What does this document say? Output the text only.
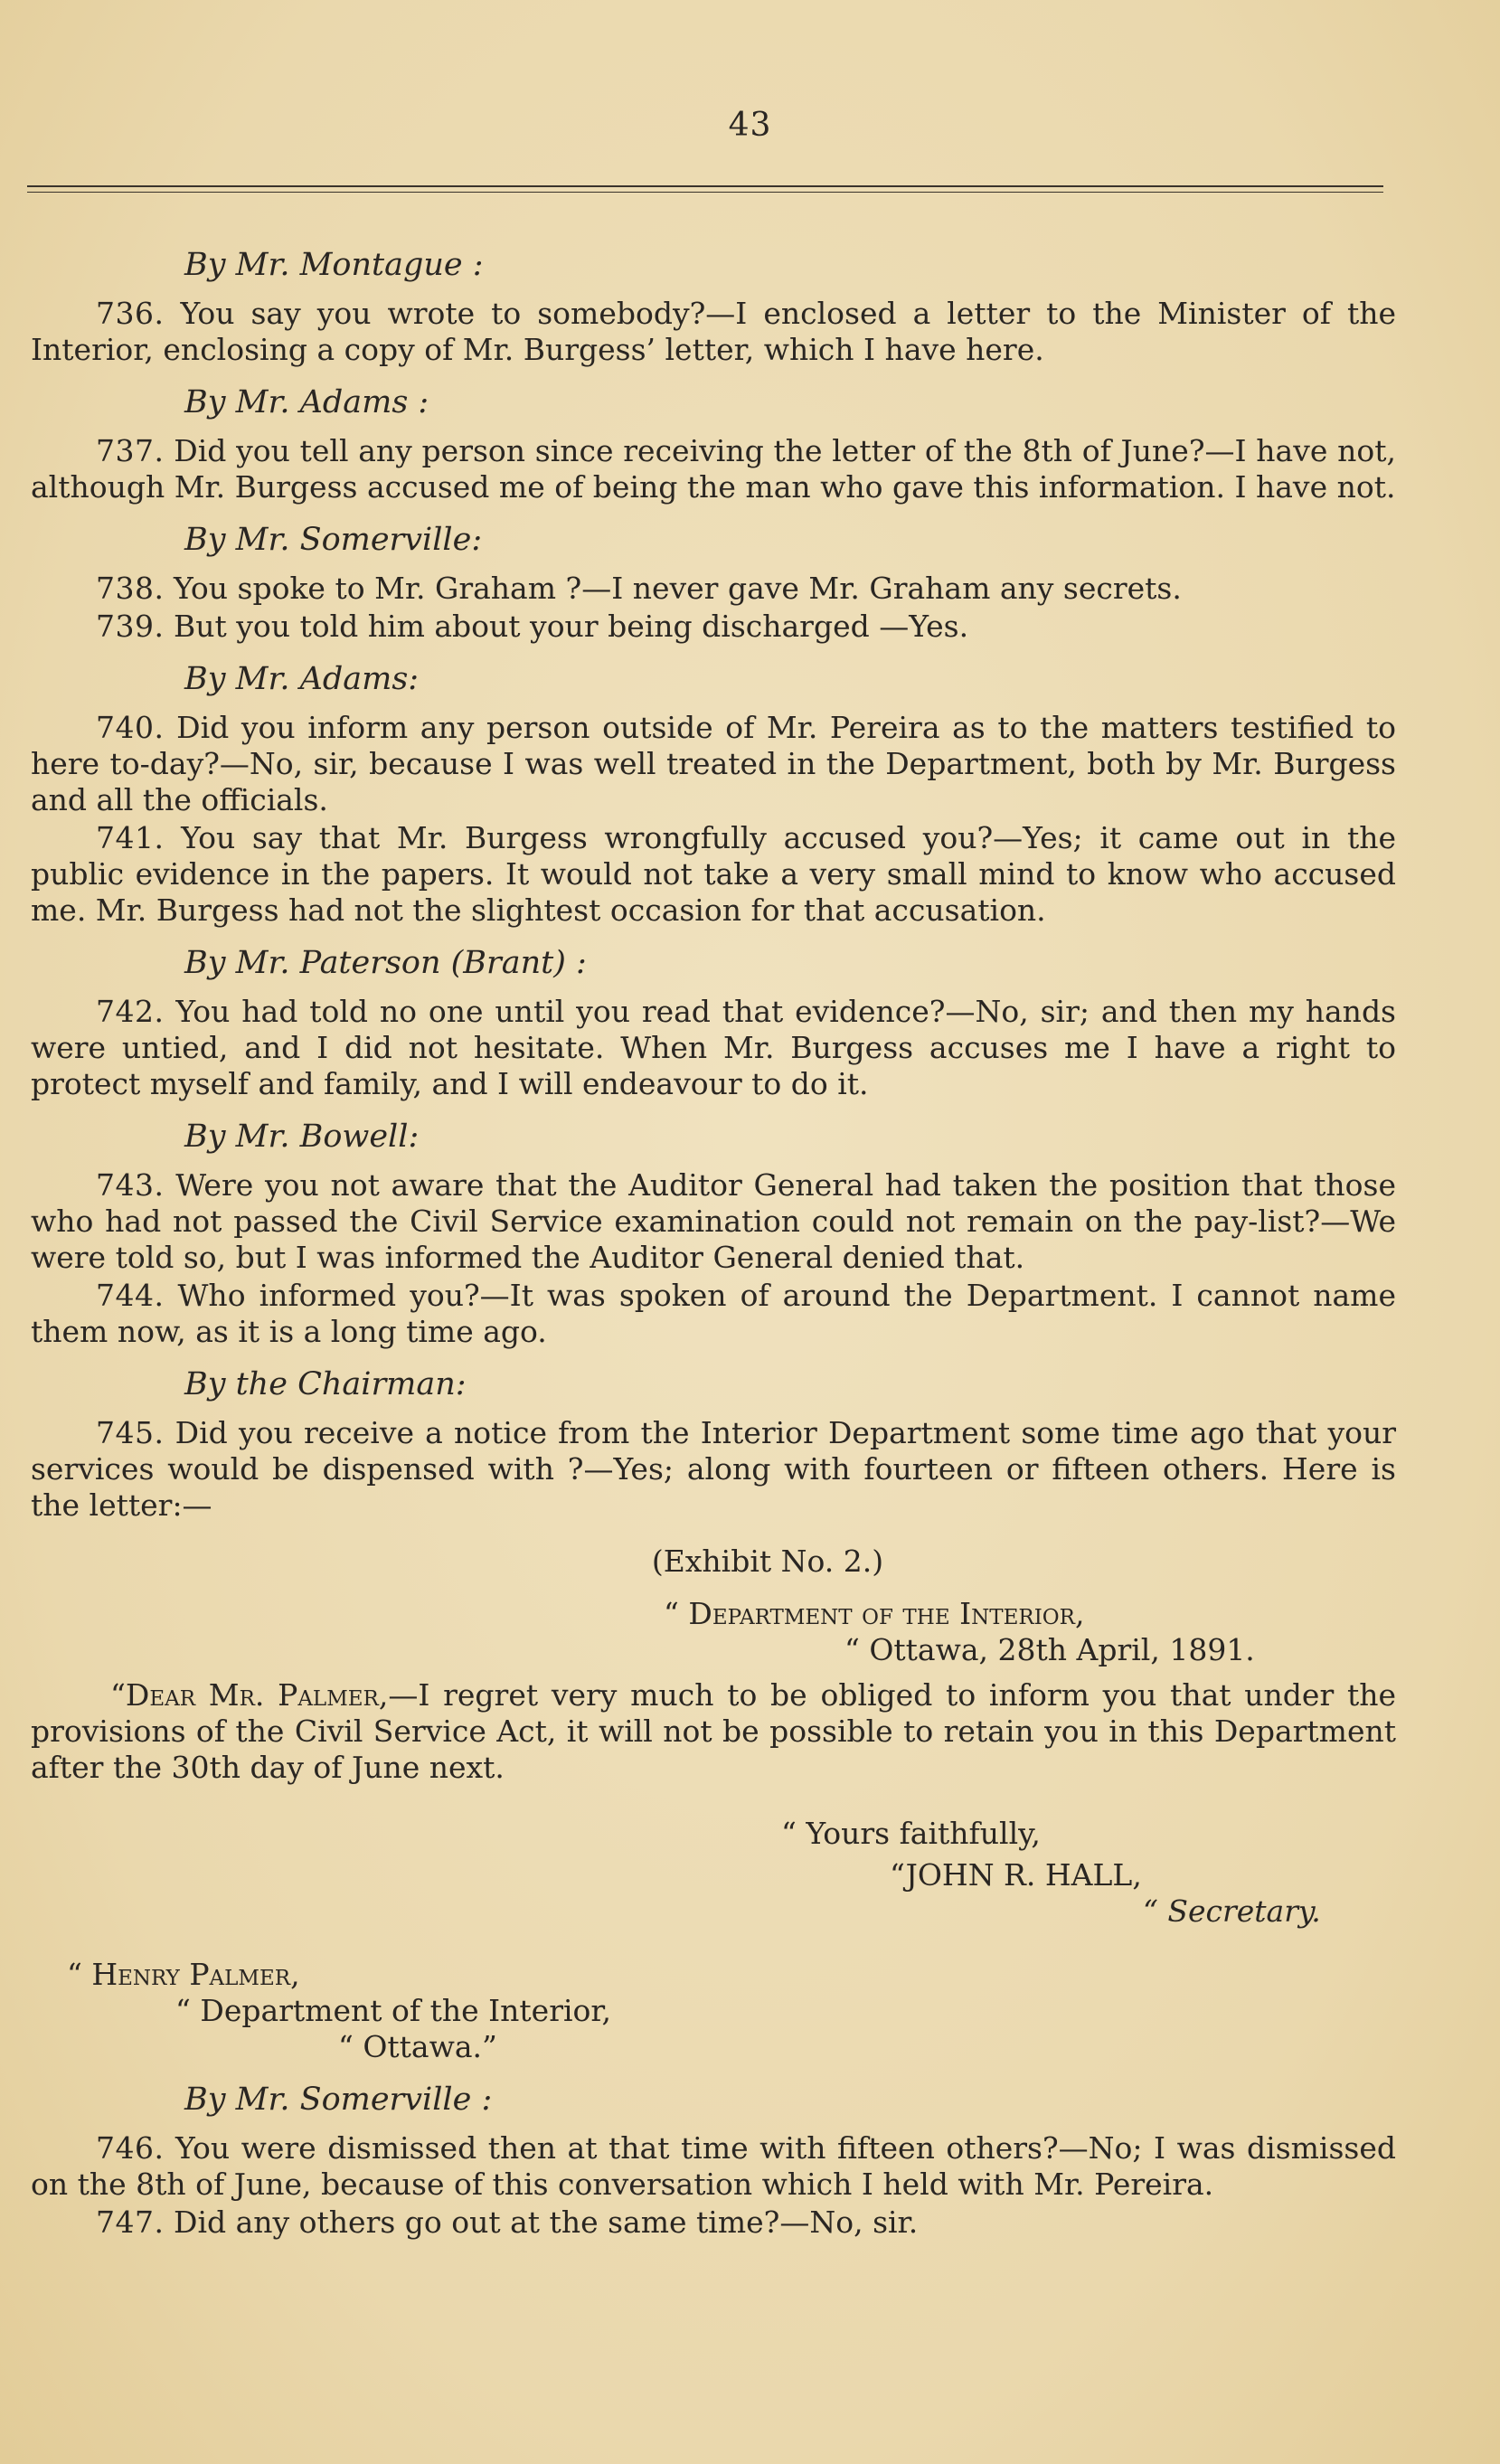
43
By Mr. Montague :

736. You say you wrote to somebody?—I enclosed a letter to the Minister of the Interior, enclosing a copy of Mr. Burgess’ letter, which I have here.

By Mr. Adams :

737. Did you tell any person since receiving the letter of the 8th of June?—I have not, although Mr. Burgess accused me of being the man who gave this information. I have not.

By Mr. Somerville:

738. You spoke to Mr. Graham ?—I never gave Mr. Graham any secrets.

739. But you told him about your being discharged —Yes.

By Mr. Adams:

740. Did you inform any person outside of Mr. Pereira as to the matters testified to here to-day?—No, sir, because I was well treated in the Department, both by Mr. Burgess and all the officials.

741. You say that Mr. Burgess wrongfully accused you?—Yes; it came out in the public evidence in the papers. It would not take a very small mind to know who accused me. Mr. Burgess had not the slightest occasion for that accusation.

By Mr. Paterson (Brant) :

742. You had told no one until you read that evidence?—No, sir; and then my hands were untied, and I did not hesitate. When Mr. Burgess accuses me I have a right to protect myself and family, and I will endeavour to do it.

By Mr. Bowell:

743. Were you not aware that the Auditor General had taken the position that those who had not passed the Civil Service examination could not remain on the pay-list?—We were told so, but I was informed the Auditor General denied that.

744. Who informed you?—It was spoken of around the Department. I cannot name them now, as it is a long time ago.

By the Chairman:

745. Did you receive a notice from the Interior Department some time ago that your services would be dispensed with ?—Yes; along with fourteen or fifteen others. Here is the letter:—

(Exhibit No. 2.)
“ Department of the Interior,
“ Ottawa, 28th April, 1891.

“Dear Mr. Palmer,—I regret very much to be obliged to inform you that under the provisions of the Civil Service Act, it will not be possible to retain you in this Department after the 30th day of June next.

“ Yours faithfully,
“JOHN R. HALL,
“ Secretary.
“ Henry Palmer,
“ Department of the Interior,
“ Ottawa.”
By Mr. Somerville :

746. You were dismissed then at that time with fifteen others?—No; I was dismissed on the 8th of June, because of this conversation which I held with Mr. Pereira.

747. Did any others go out at the same time?—No, sir.
